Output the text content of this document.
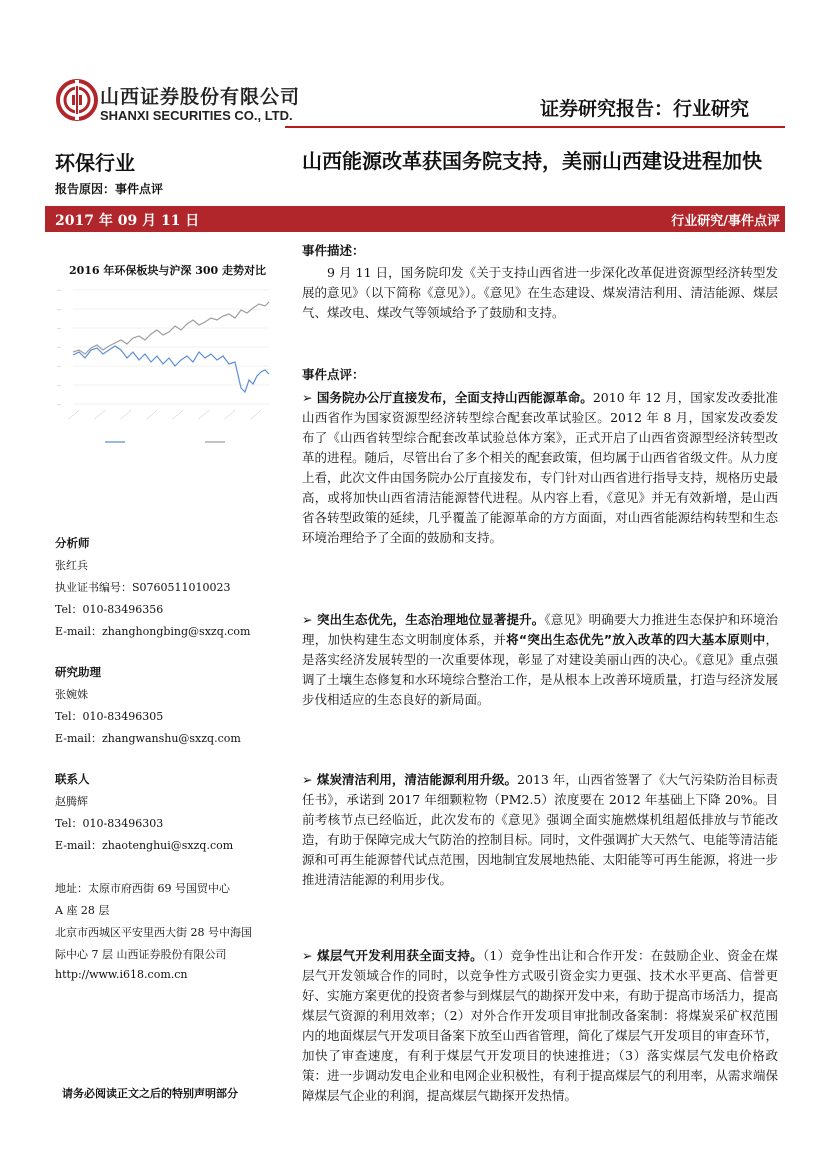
山西证券股份有限公司
SHANXI SECURITIES CO., LTD.	证券研究报告：行业研究
环保行业
报告原因：事件点评
2017 年 09 月 11 日	行业研究/事件点评
2016 年环保板块与沪深 300 走势对比
—
—
—
—
—
—
—
————	————	————	————	————	————	————	————
分析师
张红兵
执业证书编号：S0760511010023
Tel：010-83496356
E-mail：zhanghongbing@sxzq.com
研究助理
张婉姝
Tel：010-83496305
E-mail：zhangwanshu@sxzq.com
联系人
赵腾辉
Tel：010-83496303
E-mail：zhaotenghui@sxzq.com
地址：太原市府西街 69 号国贸中心
A 座 28 层
北京市西城区平安里西大街 28 号中海国
际中心 7 层 山西证券股份有限公司
http://www.i618.com.cn
请务必阅读正文之后的特别声明部分
山西能源改革获国务院支持，美丽山西建设进程加快
事件描述：
9 月 11 日，国务院印发《关于支持山西省进一步深化改革促进资源型经济转型发展的意见》（以下简称《意见》）。《意见》在生态建设、煤炭清洁利用、清洁能源、煤层气、煤改电、煤改气等领域给予了鼓励和支持。
事件点评：
➢ 国务院办公厅直接发布，全面支持山西能源革命。2010 年 12 月，国家发改委批准山西省作为国家资源型经济转型综合配套改革试验区。2012 年 8 月，国家发改委发布了《山西省转型综合配套改革试验总体方案》，正式开启了山西省资源型经济转型改革的进程。随后，尽管出台了多个相关的配套政策，但均属于山西省省级文件。从力度上看，此次文件由国务院办公厅直接发布，专门针对山西省进行指导支持，规格历史最高，或将加快山西省清洁能源替代进程。从内容上看，《意见》并无有效新增，是山西省各转型政策的延续，几乎覆盖了能源革命的方方面面，对山西省能源结构转型和生态环境治理给予了全面的鼓励和支持。
➢ 突出生态优先，生态治理地位显著提升。《意见》明确要大力推进生态保护和环境治理，加快构建生态文明制度体系，并将“突出生态优先”放入改革的四大基本原则中，是落实经济发展转型的一次重要体现，彰显了对建设美丽山西的决心。《意见》重点强调了土壤生态修复和水环境综合整治工作，是从根本上改善环境质量，打造与经济发展步伐相适应的生态良好的新局面。
➢ 煤炭清洁利用，清洁能源利用升级。2013 年，山西省签署了《大气污染防治目标责任书》，承诺到 2017 年细颗粒物（PM2.5）浓度要在 2012 年基础上下降 20%。目前考核节点已经临近，此次发布的《意见》强调全面实施燃煤机组超低排放与节能改造，有助于保障完成大气防治的控制目标。同时，文件强调扩大天然气、电能等清洁能源和可再生能源替代试点范围，因地制宜发展地热能、太阳能等可再生能源，将进一步推进清洁能源的利用步伐。
➢ 煤层气开发利用获全面支持。（1）竞争性出让和合作开发：在鼓励企业、资金在煤层气开发领域合作的同时，以竞争性方式吸引资金实力更强、技术水平更高、信誉更好、实施方案更优的投资者参与到煤层气的勘探开发中来，有助于提高市场活力，提高煤层气资源的利用效率；（2）对外合作开发项目审批制改备案制：将煤炭采矿权范围内的地面煤层气开发项目备案下放至山西省管理，简化了煤层气开发项目的审查环节，加快了审查速度，有利于煤层气开发项目的快速推进；（3）落实煤层气发电价格政策：进一步调动发电企业和电网企业积极性，有利于提高煤层气的利用率，从需求端保障煤层气企业的利润，提高煤层气勘探开发热情。
